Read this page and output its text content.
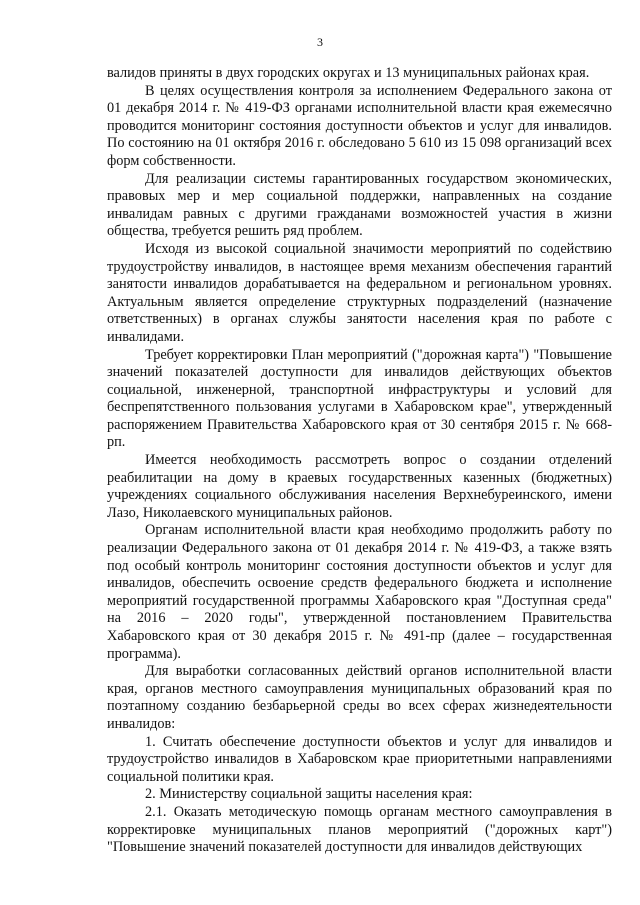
3

валидов приняты в двух городских округах и 13 муниципальных районах края.

В целях осуществления контроля за исполнением Федерального закона от 01 декабря 2014 г. № 419-ФЗ органами исполнительной власти края ежемесячно проводится мониторинг состояния доступности объектов и услуг для инвалидов. По состоянию на 01 октября 2016 г. обследовано 5 610 из 15 098 организаций всех форм собственности.

Для реализации системы гарантированных государством экономических, правовых мер и мер социальной поддержки, направленных на создание инвалидам равных с другими гражданами возможностей участия в жизни общества, требуется решить ряд проблем.

Исходя из высокой социальной значимости мероприятий по содействию трудоустройству инвалидов, в настоящее время механизм обеспечения гарантий занятости инвалидов дорабатывается на федеральном и региональном уровнях. Актуальным является определение структурных подразделений (назначение ответственных) в органах службы занятости населения края по работе с инвалидами.

Требует корректировки План мероприятий ("дорожная карта") "Повышение значений показателей доступности для инвалидов действующих объектов социальной, инженерной, транспортной инфраструктуры и условий для беспрепятственного пользования услугами в Хабаровском крае", утвержденный распоряжением Правительства Хабаровского края от 30 сентября 2015 г. № 668-рп.

Имеется необходимость рассмотреть вопрос о создании отделений реабилитации на дому в краевых государственных казенных (бюджетных) учреждениях социального обслуживания населения Верхнебуреинского, имени Лазо, Николаевского муниципальных районов.

Органам исполнительной власти края необходимо продолжить работу по реализации Федерального закона от 01 декабря 2014 г. № 419-ФЗ, а также взять под особый контроль мониторинг состояния доступности объектов и услуг для инвалидов, обеспечить освоение средств федерального бюджета и исполнение мероприятий государственной программы Хабаровского края "Доступная среда" на 2016 – 2020 годы", утвержденной постановлением Правительства Хабаровского края от 30 декабря 2015 г. № 491-пр (далее – государственная программа).

Для выработки согласованных действий органов исполнительной власти края, органов местного самоуправления муниципальных образований края по поэтапному созданию безбарьерной среды во всех сферах жизнедеятельности инвалидов:

1. Считать обеспечение доступности объектов и услуг для инвалидов и трудоустройство инвалидов в Хабаровском крае приоритетными направлениями социальной политики края.

2. Министерству социальной защиты населения края:

2.1. Оказать методическую помощь органам местного самоуправления в корректировке муниципальных планов мероприятий ("дорожных карт") "Повышение значений показателей доступности для инвалидов действующих
